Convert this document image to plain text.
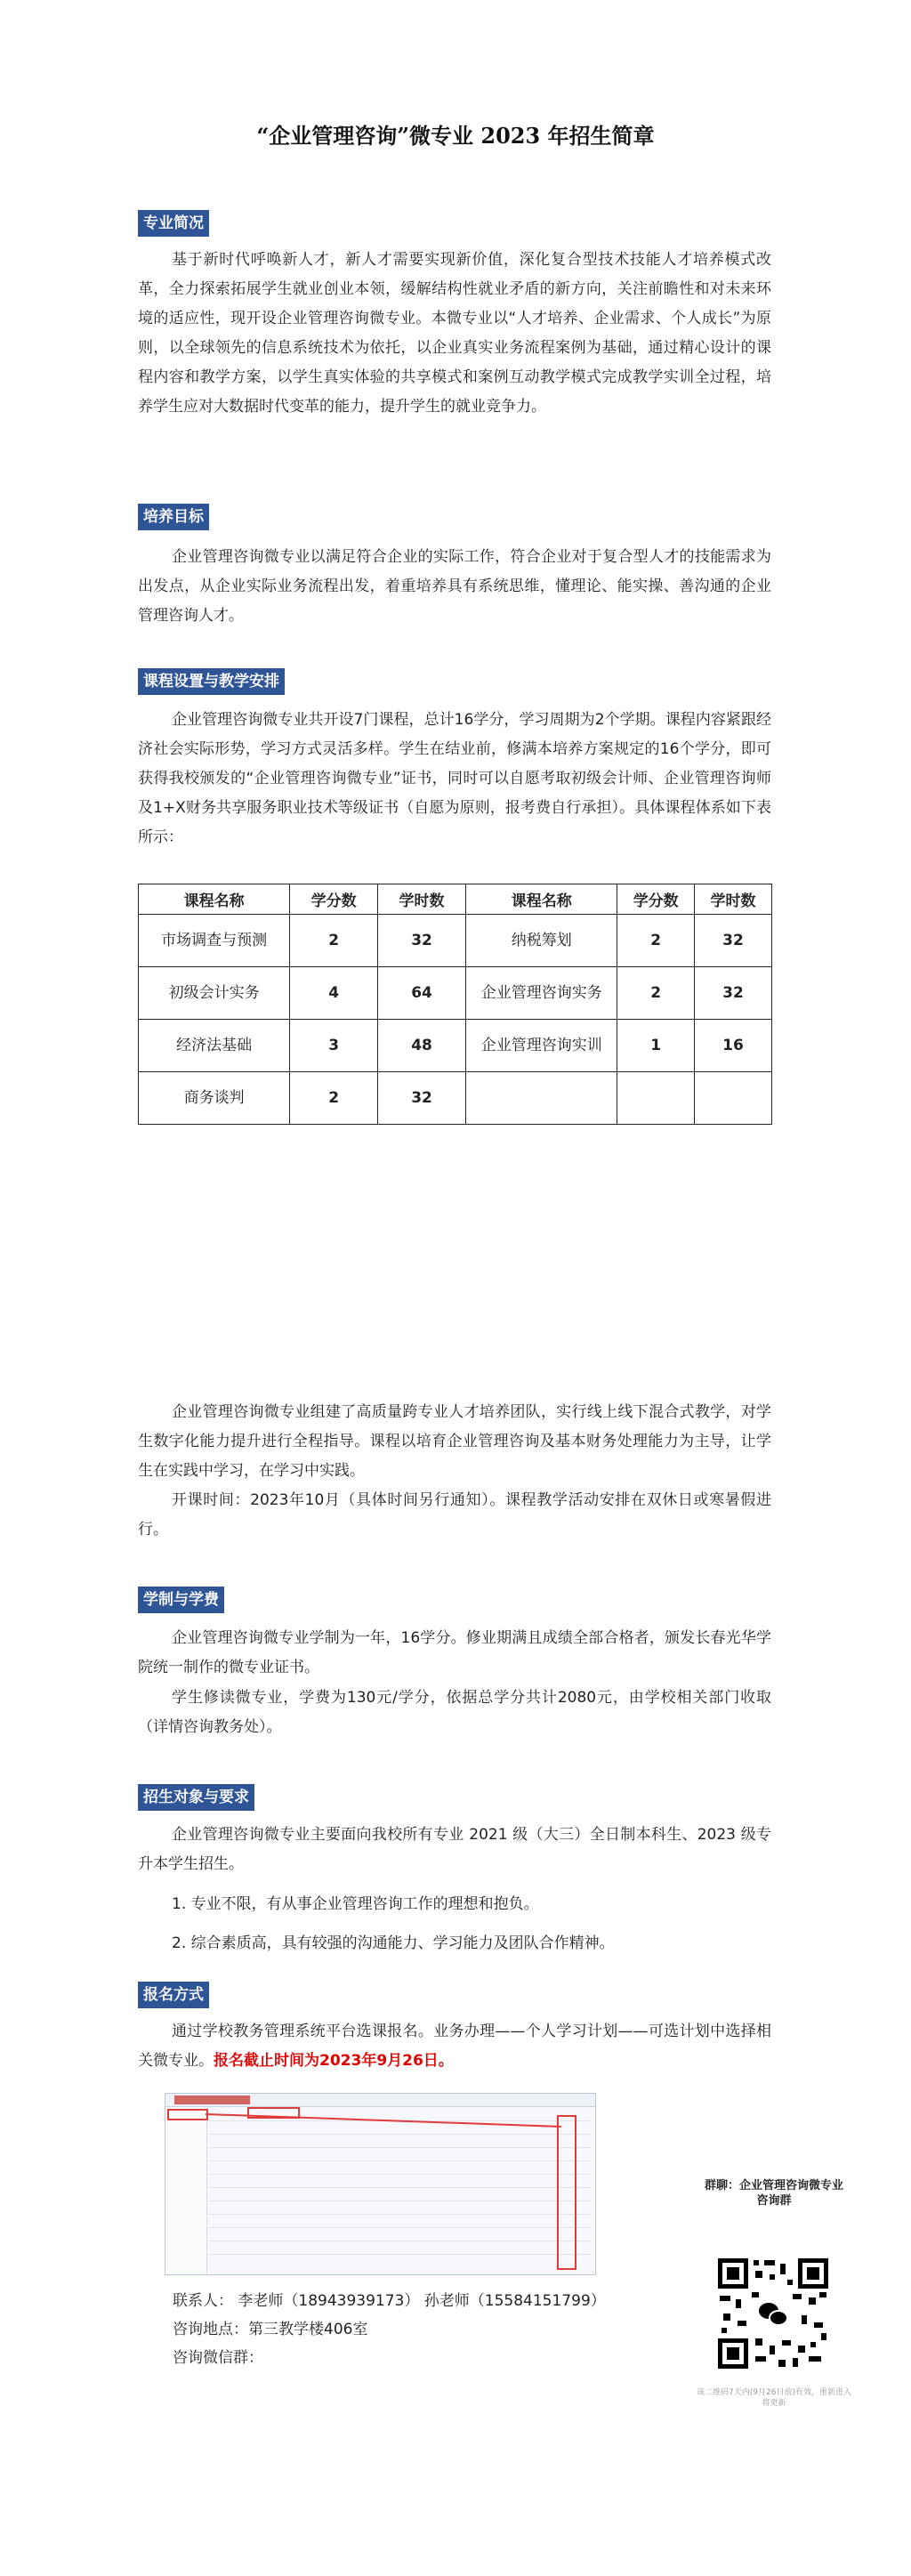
“企业管理咨询”微专业 2023 年招生简章
专业简况

基于新时代呼唤新人才，新人才需要实现新价值，深化复合型技术技能人才培养模式改革，全力探索拓展学生就业创业本领，缓解结构性就业矛盾的新方向，关注前瞻性和对未来环境的适应性，现开设企业管理咨询微专业。本微专业以“人才培养、企业需求、个人成长”为原则，以全球领先的信息系统技术为依托，以企业真实业务流程案例为基础，通过精心设计的课程内容和教学方案，以学生真实体验的共享模式和案例互动教学模式完成教学实训全过程，培养学生应对大数据时代变革的能力，提升学生的就业竞争力。

培养目标

企业管理咨询微专业以满足符合企业的实际工作，符合企业对于复合型人才的技能需求为出发点，从企业实际业务流程出发，着重培养具有系统思维，懂理论、能实操、善沟通的企业管理咨询人才。

课程设置与教学安排

企业管理咨询微专业共开设7门课程，总计16学分，学习周期为2个学期。课程内容紧跟经济社会实际形势，学习方式灵活多样。学生在结业前，修满本培养方案规定的16个学分，即可获得我校颁发的“企业管理咨询微专业”证书，同时可以自愿考取初级会计师、企业管理咨询师及1+X财务共享服务职业技术等级证书（自愿为原则，报考费自行承担）。具体课程体系如下表所示：

课程名称	学分数	学时数	课程名称	学分数	学时数
市场调查与预测	2	32	纳税筹划	2	32
初级会计实务	4	64	企业管理咨询实务	2	32
经济法基础	3	48	企业管理咨询实训	1	16
商务谈判	2	32			

企业管理咨询微专业组建了高质量跨专业人才培养团队，实行线上线下混合式教学，对学生数字化能力提升进行全程指导。课程以培育企业管理咨询及基本财务处理能力为主导，让学生在实践中学习，在学习中实践。

开课时间：2023年10月（具体时间另行通知）。课程教学活动安排在双休日或寒暑假进行。

学制与学费

企业管理咨询微专业学制为一年，16学分。修业期满且成绩全部合格者，颁发长春光华学院统一制作的微专业证书。

学生修读微专业，学费为130元/学分，依据总学分共计2080元，由学校相关部门收取（详情咨询教务处）。

招生对象与要求

企业管理咨询微专业主要面向我校所有专业 2021 级（大三）全日制本科生、2023 级专升本学生招生。

1. 专业不限，有从事企业管理咨询工作的理想和抱负。

2. 综合素质高，具有较强的沟通能力、学习能力及团队合作精神。

报名方式

通过学校教务管理系统平台选课报名。业务办理——个人学习计划——可选计划中选择相关微专业。报名截止时间为2023年9月26日。

联系人： 李老师（18943939173） 孙老师（15584151799）
咨询地点：第三教学楼406室
咨询微信群：
群聊：企业管理咨询微专业咨询群
该二维码7天内(9月26日前)有效，重新进入将更新
